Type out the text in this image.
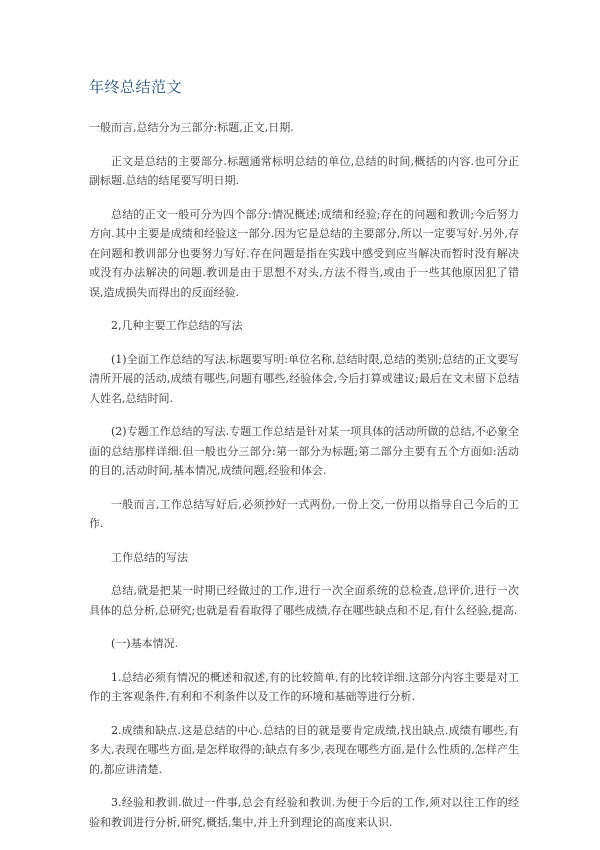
年终总结范文

一般而言,总结分为三部分:标题,正文,日期.

正文是总结的主要部分.标题通常标明总结的单位,总结的时间,概括的内容.也可分正副标题.总结的结尾要写明日期.

总结的正文一般可分为四个部分:情况概述;成绩和经验;存在的问题和教训;今后努力方向.其中主要是成绩和经验这一部分.因为它是总结的主要部分,所以一定要写好.另外,存在问题和教训部分也要努力写好.存在问题是指在实践中感受到应当解决而暂时没有解决或没有办法解决的问题.教训是由于思想不对头,方法不得当,或由于一些其他原因犯了错误,造成损失而得出的反面经验.

2,几种主要工作总结的写法

(1)全面工作总结的写法.标题要写明:单位名称,总结时限,总结的类别;总结的正文要写清所开展的活动,成绩有哪些,问题有哪些,经验体会,今后打算或建议;最后在文末留下总结人姓名,总结时间.

(2)专题工作总结的写法.专题工作总结是针对某一项具体的活动所做的总结,不必象全面的总结那样详细.但一般也分三部分:第一部分为标题;第二部分主要有五个方面如:活动的目的,活动时间,基本情况,成绩问题,经验和体会.

一般而言,工作总结写好后,必须抄好一式两份,一份上交,一份用以指导自己今后的工作.

工作总结的写法

总结,就是把某一时期已经做过的工作,进行一次全面系统的总检查,总评价,进行一次具体的总分析,总研究;也就是看看取得了哪些成绩,存在哪些缺点和不足,有什么经验,提高.

(一)基本情况.

1.总结必须有情况的概述和叙述,有的比较简单,有的比较详细.这部分内容主要是对工作的主客观条件,有利和不利条件以及工作的环境和基础等进行分析.

2.成绩和缺点.这是总结的中心.总结的目的就是要肯定成绩,找出缺点.成绩有哪些,有多大,表现在哪些方面,是怎样取得的;缺点有多少,表现在哪些方面,是什么性质的,怎样产生的,都应讲清楚.

3.经验和教训.做过一件事,总会有经验和教训.为便于今后的工作,须对以往工作的经验和教训进行分析,研究,概括,集中,并上升到理论的高度来认识.
